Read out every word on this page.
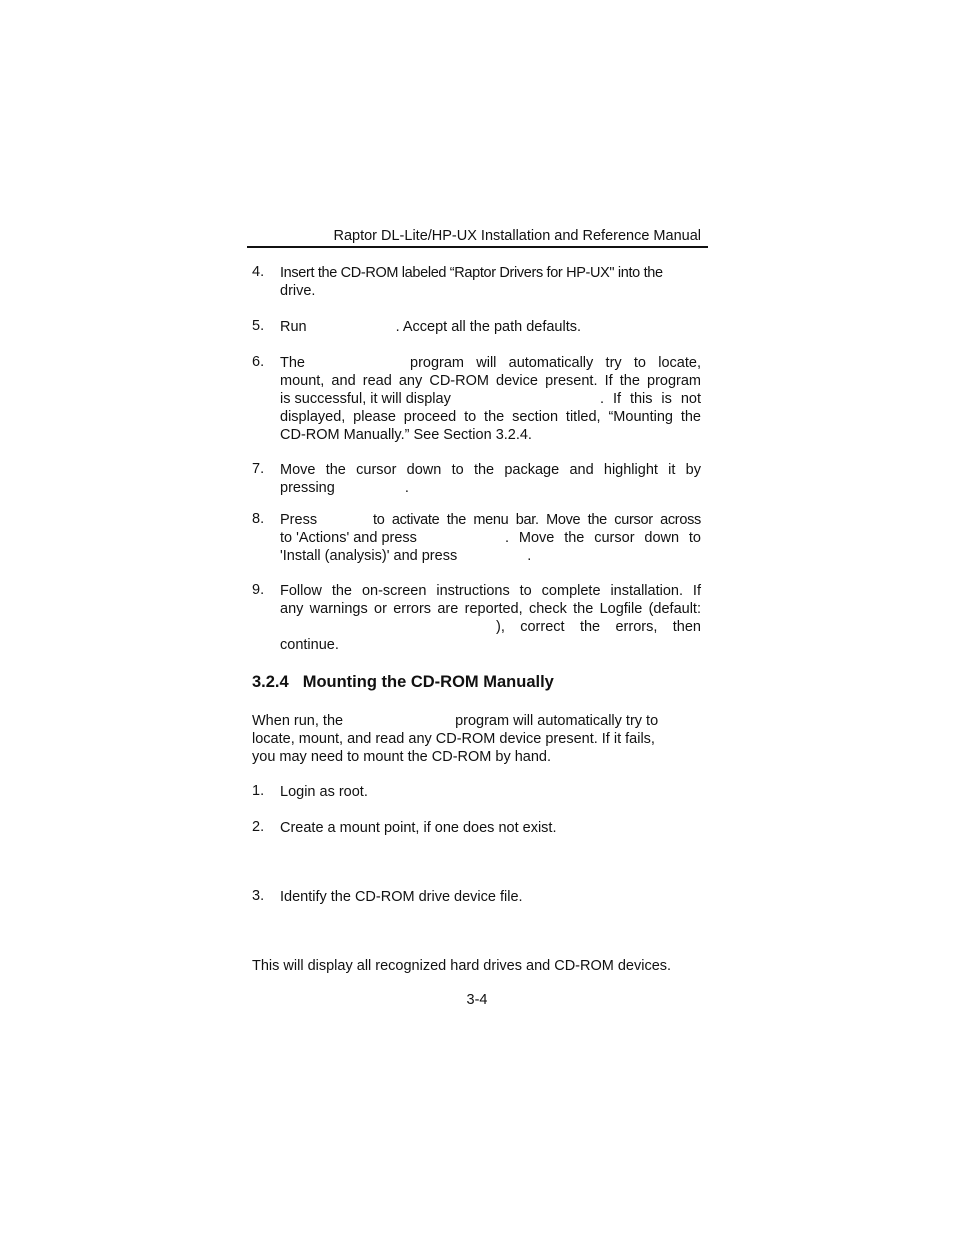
Raptor DL-Lite/HP-UX Installation and Reference Manual
4.	Insert the CD-ROM labeled “Raptor Drivers for HP-UX" into the
drive.
5.	Run	. Accept all the path defaults.
6.	The	program will automatically try to locate,
mount, and read any CD-ROM device present. If the program
is successful, it will display	. If this is not
displayed, please proceed to the section titled, “Mounting the
CD-ROM Manually.” See Section 3.2.4.
7.	Move the cursor down to the package and highlight it by
pressing	.
8.	Press	to activate the menu bar. Move the cursor across
to 'Actions' and press	. Move the cursor down to
'Install (analysis)' and press	.
9.	Follow the on-screen instructions to complete installation. If
any warnings or errors are reported, check the Logfile (default:
), correct the errors, then
continue.
3.2.4 Mounting the CD-ROM Manually
When run, the	program will automatically try to
locate, mount, and read any CD-ROM device present. If it fails,
you may need to mount the CD-ROM by hand.
1.	Login as root.
2.	Create a mount point, if one does not exist.
3.	Identify the CD-ROM drive device file.
This will display all recognized hard drives and CD-ROM devices.
3-4
